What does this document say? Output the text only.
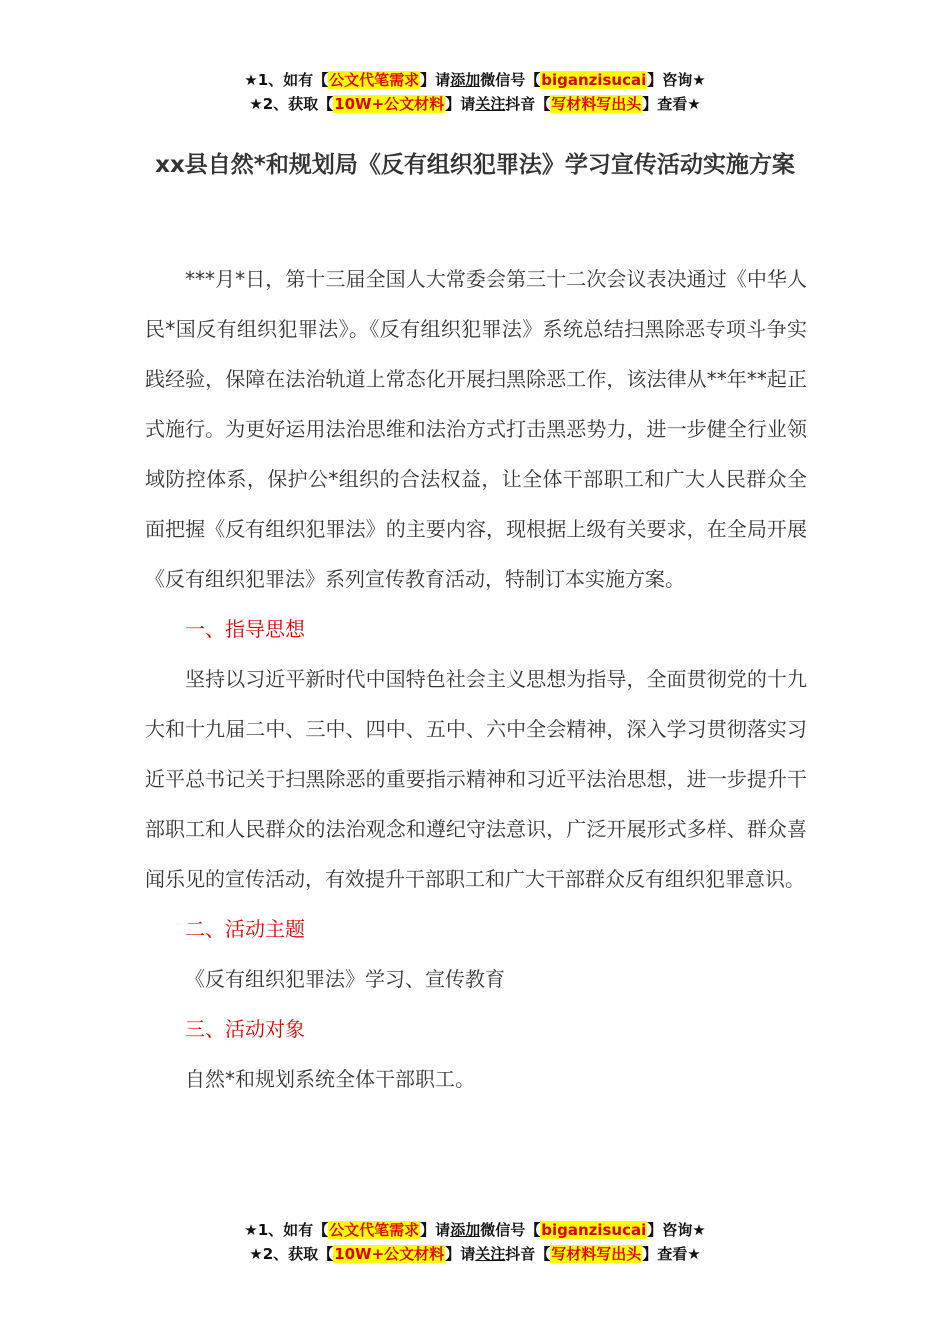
★1、如有【公文代笔需求】请添加微信号【biganzisucai】咨询★
★2、获取【10W+公文材料】请关注抖音【写材料写出头】查看★
xx县自然*和规划局《反有组织犯罪法》学习宣传活动实施方案

***月*日，第十三届全国人大常委会第三十二次会议表决通过《中华人民*国反有组织犯罪法》。《反有组织犯罪法》系统总结扫黑除恶专项斗争实践经验，保障在法治轨道上常态化开展扫黑除恶工作，该法律从**年**起正式施行。为更好运用法治思维和法治方式打击黑恶势力，进一步健全行业领域防控体系，保护公*组织的合法权益，让全体干部职工和广大人民群众全面把握《反有组织犯罪法》的主要内容，现根据上级有关要求，在全局开展《反有组织犯罪法》系列宣传教育活动，特制订本实施方案。

一、指导思想

坚持以习近平新时代中国特色社会主义思想为指导，全面贯彻党的十九大和十九届二中、三中、四中、五中、六中全会精神，深入学习贯彻落实习近平总书记关于扫黑除恶的重要指示精神和习近平法治思想，进一步提升干部职工和人民群众的法治观念和遵纪守法意识，广泛开展形式多样、群众喜闻乐见的宣传活动，有效提升干部职工和广大干部群众反有组织犯罪意识。

二、活动主题

《反有组织犯罪法》学习、宣传教育

三、活动对象

自然*和规划系统全体干部职工。

★1、如有【公文代笔需求】请添加微信号【biganzisucai】咨询★
★2、获取【10W+公文材料】请关注抖音【写材料写出头】查看★
